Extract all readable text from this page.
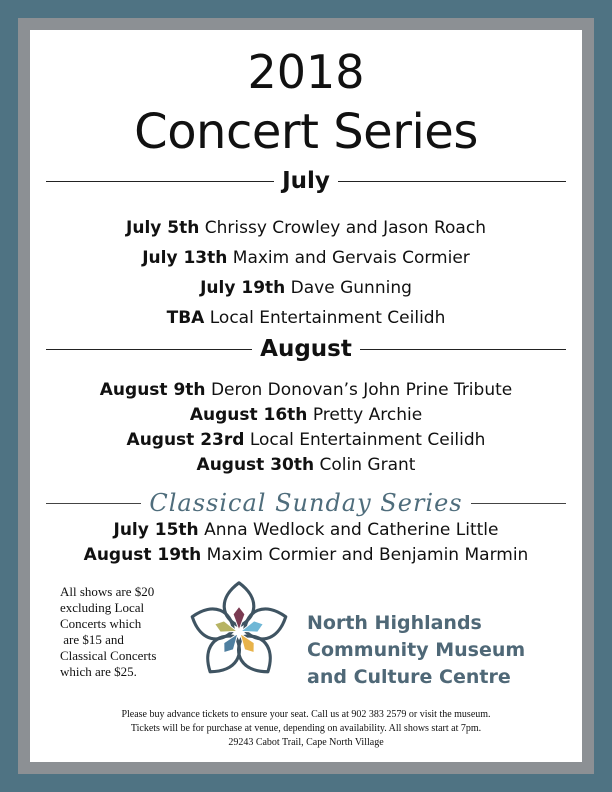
2018
Concert Series
July
July 5th Chrissy Crowley and Jason Roach
July 13th Maxim and Gervais Cormier
July 19th Dave Gunning
TBA Local Entertainment Ceilidh
August
August 9th Deron Donovan’s John Prine Tribute
August 16th Pretty Archie
August 23rd Local Entertainment Ceilidh
August 30th Colin Grant
Classical Sunday Series
July 15th Anna Wedlock and Catherine Little
August 19th Maxim Cormier and Benjamin Marmin
All shows are $20
excluding Local
Concerts which
are $15 and
Classical Concerts
which are $25.
North Highlands
Community Museum
and Culture Centre
Please buy advance tickets to ensure your seat. Call us at 902 383 2579 or visit the museum.
Tickets will be for purchase at venue, depending on availability. All shows start at 7pm.
29243 Cabot Trail, Cape North Village
